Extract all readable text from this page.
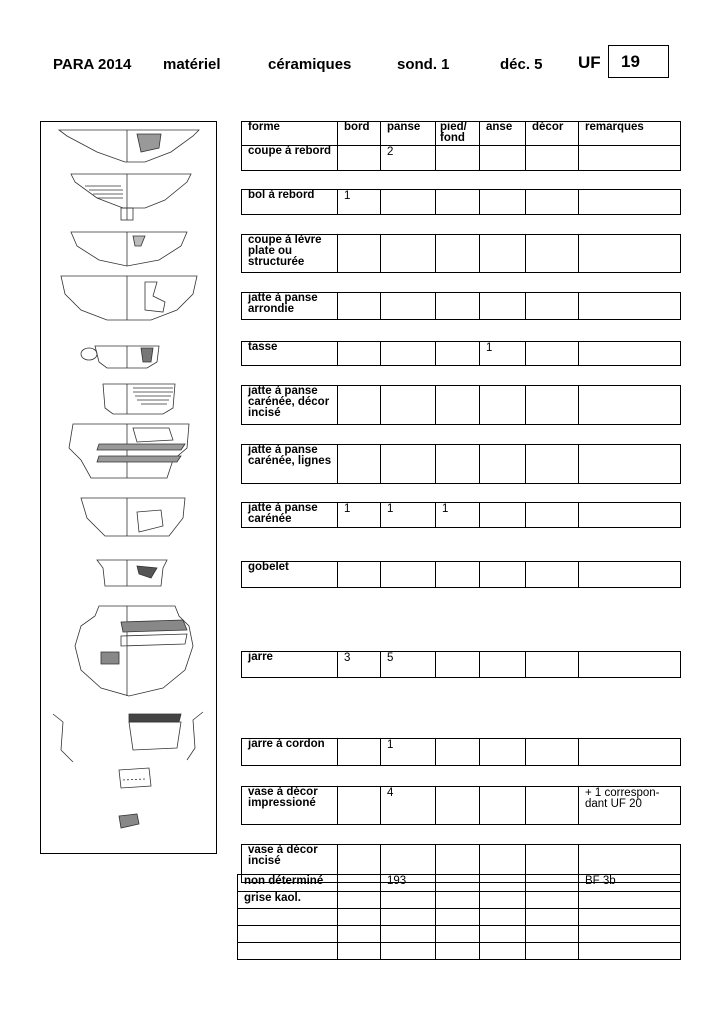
PARA 2014 matériel	céramiques	sond. 1	déc. 5 UF	19
forme	bord	panse	pied/ fond	anse	décor	remarques
coupe à rebord		2				

bol à rebord	1					

coupe à lèvre plate ou structurée						

jatte à panse arrondie						

tasse				1		

jatte à panse carénée, décor incisé						

jatte à panse carénée, lignes						

jatte à panse carénée	1	1	1			

gobelet						

jarre	3	5				

jarre à cordon		1				

vase à décor impressioné		4				+ 1 correspon- dant UF 20

vase à décor incisé						
non déterminé		193				BF 3b
grise kaol.						
